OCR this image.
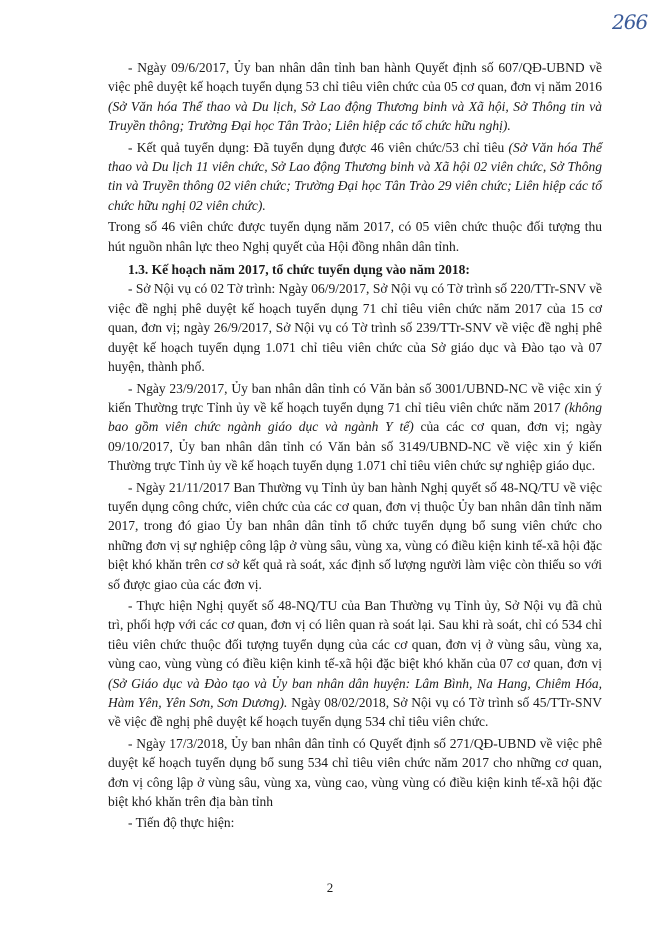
266

- Ngày 09/6/2017, Ủy ban nhân dân tỉnh ban hành Quyết định số 607/QĐ-UBND về việc phê duyệt kế hoạch tuyển dụng 53 chỉ tiêu viên chức của 05 cơ quan, đơn vị năm 2016 (Sở Văn hóa Thể thao và Du lịch, Sở Lao động Thương binh và Xã hội, Sở Thông tin và Truyền thông; Trường Đại học Tân Trào; Liên hiệp các tổ chức hữu nghị).

- Kết quả tuyển dụng: Đã tuyển dụng được 46 viên chức/53 chỉ tiêu (Sở Văn hóa Thể thao và Du lịch 11 viên chức, Sở Lao động Thương binh và Xã hội 02 viên chức, Sở Thông tin và Truyền thông 02 viên chức; Trường Đại học Tân Trào 29 viên chức; Liên hiệp các tổ chức hữu nghị 02 viên chức).

Trong số 46 viên chức được tuyển dụng năm 2017, có 05 viên chức thuộc đối tượng thu hút nguồn nhân lực theo Nghị quyết của Hội đồng nhân dân tỉnh.

1.3. Kế hoạch năm 2017, tổ chức tuyển dụng vào năm 2018:

- Sở Nội vụ có 02 Tờ trình: Ngày 06/9/2017, Sở Nội vụ có Tờ trình số 220/TTr-SNV về việc đề nghị phê duyệt kế hoạch tuyển dụng 71 chỉ tiêu viên chức năm 2017 của 15 cơ quan, đơn vị; ngày 26/9/2017, Sở Nội vụ có Tờ trình số 239/TTr-SNV về việc đề nghị phê duyệt kế hoạch tuyển dụng 1.071 chỉ tiêu viên chức của Sở giáo dục và Đào tạo và 07 huyện, thành phố.

- Ngày 23/9/2017, Ủy ban nhân dân tỉnh có Văn bản số 3001/UBND-NC về việc xin ý kiến Thường trực Tỉnh ủy về kế hoạch tuyển dụng 71 chỉ tiêu viên chức năm 2017 (không bao gồm viên chức ngành giáo dục và ngành Y tế) của các cơ quan, đơn vị; ngày 09/10/2017, Ủy ban nhân dân tỉnh có Văn bản số 3149/UBND-NC về việc xin ý kiến Thường trực Tỉnh ủy về kế hoạch tuyển dụng 1.071 chỉ tiêu viên chức sự nghiệp giáo dục.

- Ngày 21/11/2017 Ban Thường vụ Tỉnh ủy ban hành Nghị quyết số 48-NQ/TU về việc tuyển dụng công chức, viên chức của các cơ quan, đơn vị thuộc Ủy ban nhân dân tỉnh năm 2017, trong đó giao Ủy ban nhân dân tỉnh tổ chức tuyển dụng bổ sung viên chức cho những đơn vị sự nghiệp công lập ở vùng sâu, vùng xa, vùng có điều kiện kinh tế-xã hội đặc biệt khó khăn trên cơ sở kết quả rà soát, xác định số lượng người làm việc còn thiếu so với số được giao của các đơn vị.

- Thực hiện Nghị quyết số 48-NQ/TU của Ban Thường vụ Tỉnh ủy, Sở Nội vụ đã chủ trì, phối hợp với các cơ quan, đơn vị có liên quan rà soát lại. Sau khi rà soát, chỉ có 534 chỉ tiêu viên chức thuộc đối tượng tuyển dụng của các cơ quan, đơn vị ở vùng sâu, vùng xa, vùng cao, vùng vùng có điều kiện kinh tế-xã hội đặc biệt khó khăn của 07 cơ quan, đơn vị (Sở Giáo dục và Đào tạo và Ủy ban nhân dân huyện: Lâm Bình, Na Hang, Chiêm Hóa, Hàm Yên, Yên Sơn, Sơn Dương). Ngày 08/02/2018, Sở Nội vụ có Tờ trình số 45/TTr-SNV về việc đề nghị phê duyệt kế hoạch tuyển dụng 534 chỉ tiêu viên chức.

- Ngày 17/3/2018, Ủy ban nhân dân tỉnh có Quyết định số 271/QĐ-UBND về việc phê duyệt kế hoạch tuyển dụng bổ sung 534 chỉ tiêu viên chức năm 2017 cho những cơ quan, đơn vị công lập ở vùng sâu, vùng xa, vùng cao, vùng vùng có điều kiện kinh tế-xã hội đặc biệt khó khăn trên địa bàn tỉnh

- Tiến độ thực hiện:

2
